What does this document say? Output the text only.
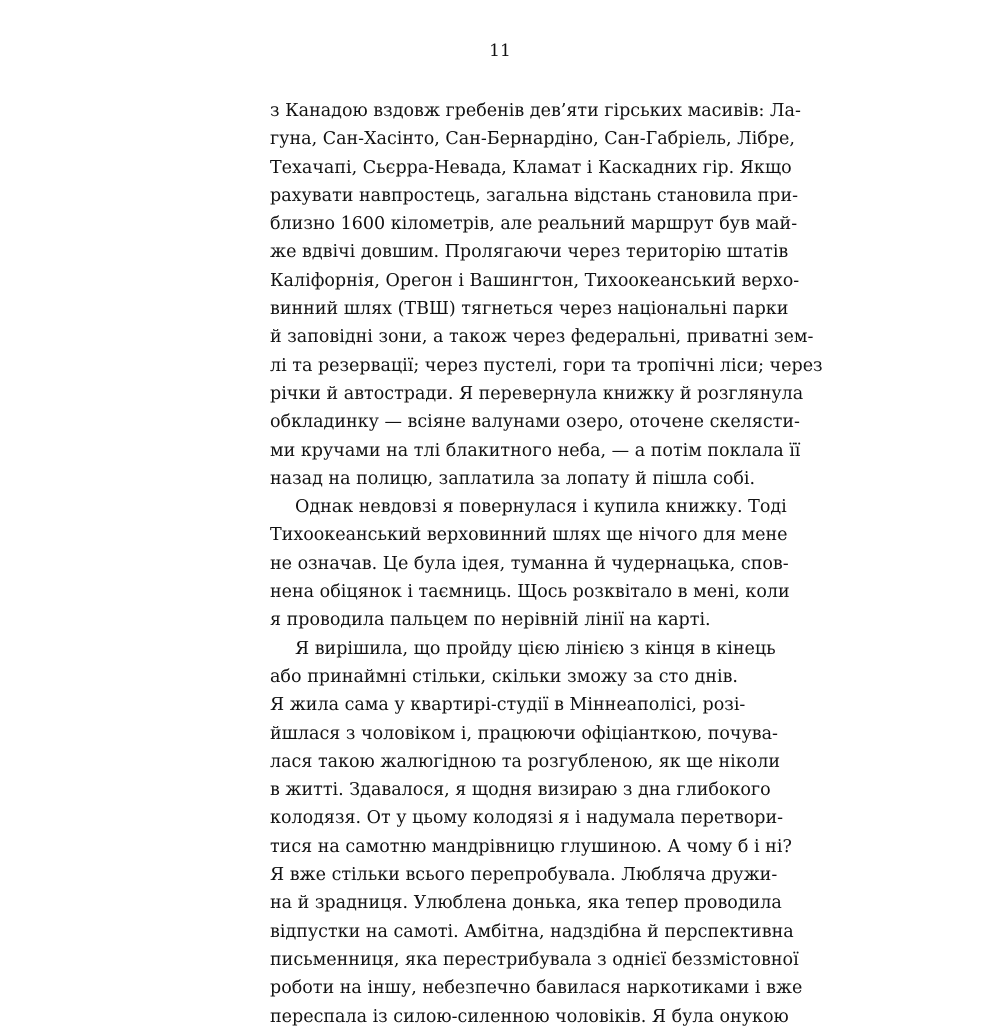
11
з Канадою вздовж гребенів дев’яти гірських масивів: Ла-
гуна, Сан-Хасінто, Сан-Бернардіно, Сан-Габріель, Лібре,
Техачапі, Сьєрра-Невада, Кламат і Каскадних гір. Якщо
рахувати навпростець, загальна відстань становила при-
близно 1600 кілометрів, але реальний маршрут був май-
же вдвічі довшим. Пролягаючи через територію штатів
Каліфорнія, Орегон і Вашингтон, Тихоокеанський верхо-
винний шлях (ТВШ) тягнеться через національні парки
й заповідні зони, а також через федеральні, приватні зем-
лі та резервації; через пустелі, гори та тропічні ліси; через
річки й автостради. Я перевернула книжку й розглянула
обкладинку — всіяне валунами озеро, оточене скелясти-
ми кручами на тлі блакитного неба, — а потім поклала її
назад на полицю, заплатила за лопату й пішла собі.
Однак невдовзі я повернулася і купила книжку. Тоді
Тихоокеанський верховинний шлях ще нічого для мене
не означав. Це була ідея, туманна й чудернацька, спов-
нена обіцянок і таємниць. Щось розквітало в мені, коли
я проводила пальцем по нерівній лінії на карті.
Я вирішила, що пройду цією лінією з кінця в кінець
або принаймні стільки, скільки зможу за сто днів.
Я жила сама у квартирі-студії в Міннеаполісі, розі-
йшлася з чоловіком і, працюючи офіціанткою, почува-
лася такою жалюгідною та розгубленою, як ще ніколи
в житті. Здавалося, я щодня визираю з дна глибокого
колодязя. От у цьому колодязі я і надумала перетвори-
тися на самотню мандрівницю глушиною. А чому б і ні?
Я вже стільки всього перепробувала. Люблячa дружи-
на й зрадниця. Улюблена донька, яка тепер проводила
відпустки на самоті. Амбітна, надздібна й перспективна
письменниця, яка перестрибувала з однієї беззмістовної
роботи на іншу, небезпечно бавилася наркотиками і вже
переспала із силою-силенною чоловіків. Я була онукою
